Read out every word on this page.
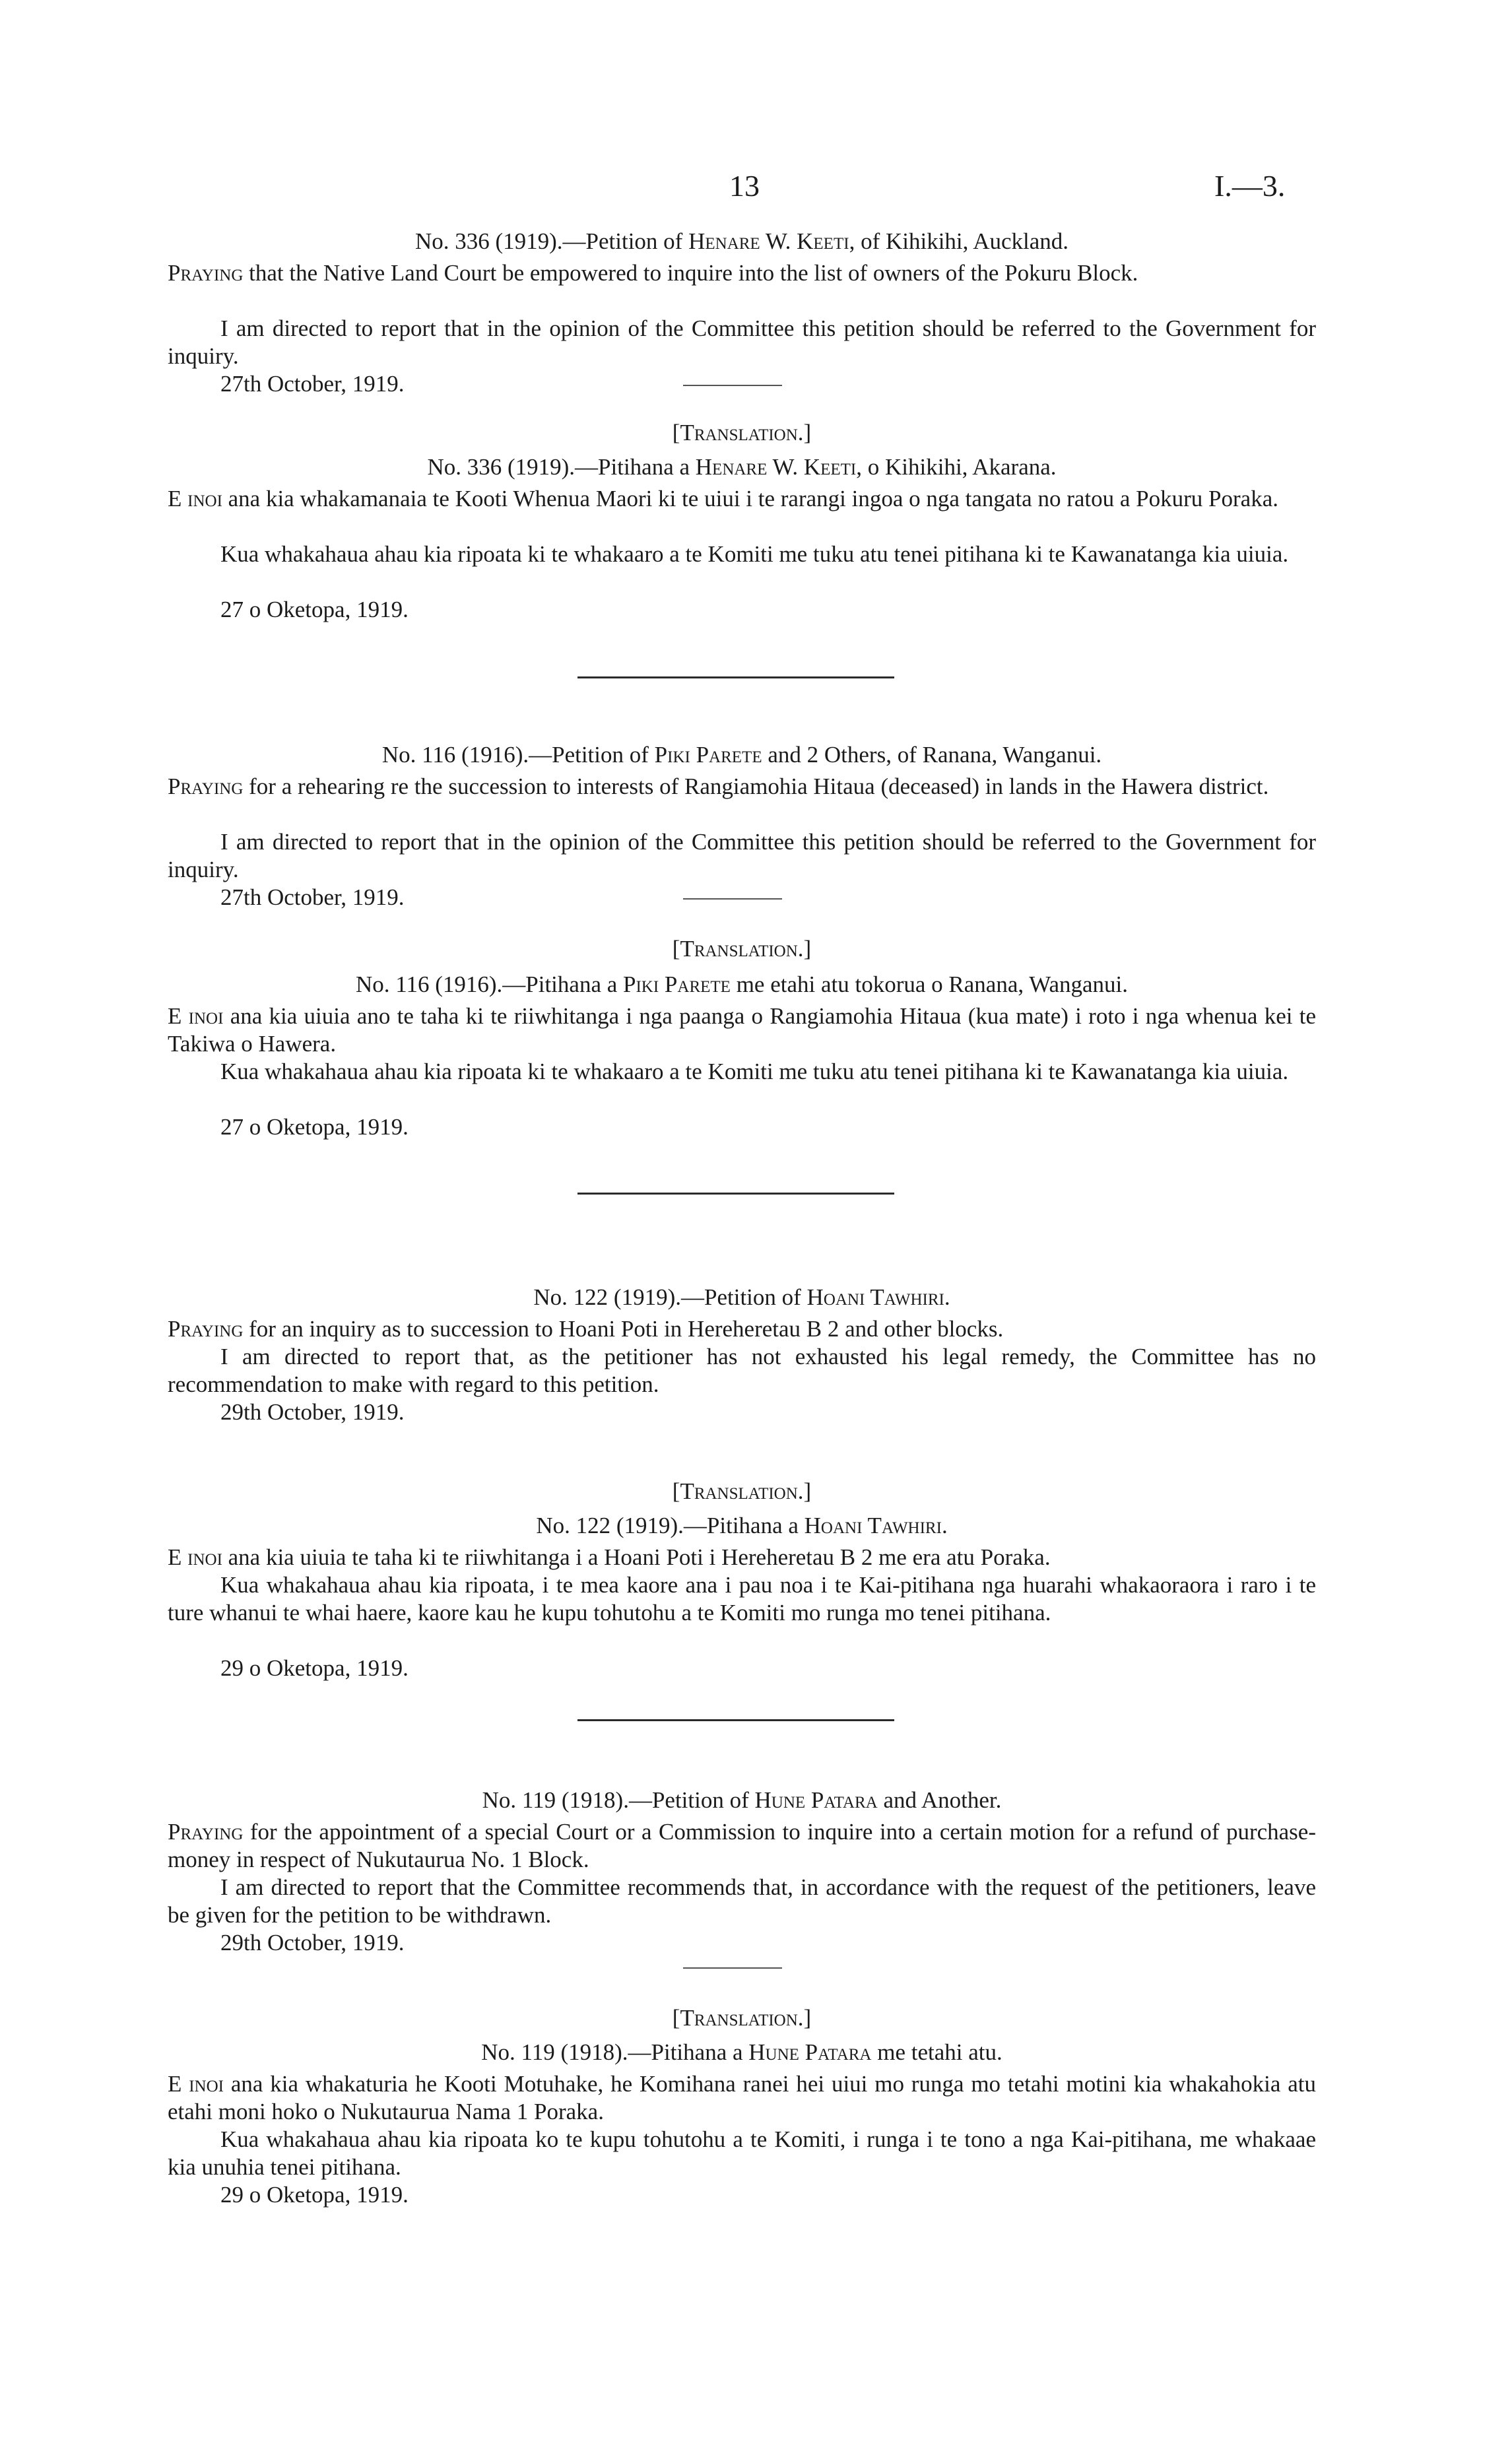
13	I.—3.

No. 336 (1919).—Petition of Henare W. Keeti, of Kihikihi, Auckland.

Praying that the Native Land Court be empowered to inquire into the list of owners of the Pokuru Block.

I am directed to report that in the opinion of the Committee this petition should be referred to the Government for inquiry.

27th October, 1919.

[Translation.]

No. 336 (1919).—Pitihana a Henare W. Keeti, o Kihikihi, Akarana.

E inoi ana kia whakamanaia te Kooti Whenua Maori ki te uiui i te rarangi ingoa o nga tangata no ratou a Pokuru Poraka.

Kua whakahaua ahau kia ripoata ki te whakaaro a te Komiti me tuku atu tenei pitihana ki te Kawanatanga kia uiuia.

27 o Oketopa, 1919.

No. 116 (1916).—Petition of Piki Parete and 2 Others, of Ranana, Wanganui.

Praying for a rehearing re the succession to interests of Rangiamohia Hitaua (deceased) in lands in the Hawera district.

I am directed to report that in the opinion of the Committee this petition should be referred to the Government for inquiry.

27th October, 1919.

[Translation.]

No. 116 (1916).—Pitihana a Piki Parete me etahi atu tokorua o Ranana, Wanganui.

E inoi ana kia uiuia ano te taha ki te riiwhitanga i nga paanga o Rangiamohia Hitaua (kua mate) i roto i nga whenua kei te Takiwa o Hawera.

Kua whakahaua ahau kia ripoata ki te whakaaro a te Komiti me tuku atu tenei pitihana ki te Kawanatanga kia uiuia.

27 o Oketopa, 1919.

No. 122 (1919).—Petition of Hoani Tawhiri.

Praying for an inquiry as to succession to Hoani Poti in Hereheretau B 2 and other blocks.

I am directed to report that, as the petitioner has not exhausted his legal remedy, the Committee has no recommendation to make with regard to this petition.

29th October, 1919.

[Translation.]

No. 122 (1919).—Pitihana a Hoani Tawhiri.

E inoi ana kia uiuia te taha ki te riiwhitanga i a Hoani Poti i Hereheretau B 2 me era atu Poraka.

Kua whakahaua ahau kia ripoata, i te mea kaore ana i pau noa i te Kai-pitihana nga huarahi whakaoraora i raro i te ture whanui te whai haere, kaore kau he kupu tohutohu a te Komiti mo runga mo tenei pitihana.

29 o Oketopa, 1919.

No. 119 (1918).—Petition of Hune Patara and Another.

Praying for the appointment of a special Court or a Commission to inquire into a certain motion for a refund of purchase-money in respect of Nukutaurua No. 1 Block.

I am directed to report that the Committee recommends that, in accordance with the request of the petitioners, leave be given for the petition to be withdrawn.

29th October, 1919.

[Translation.]

No. 119 (1918).—Pitihana a Hune Patara me tetahi atu.

E inoi ana kia whakaturia he Kooti Motuhake, he Komihana ranei hei uiui mo runga mo tetahi motini kia whakahokia atu etahi moni hoko o Nukutaurua Nama 1 Poraka.

Kua whakahaua ahau kia ripoata ko te kupu tohutohu a te Komiti, i runga i te tono a nga Kai-pitihana, me whakaae kia unuhia tenei pitihana.

29 o Oketopa, 1919.
